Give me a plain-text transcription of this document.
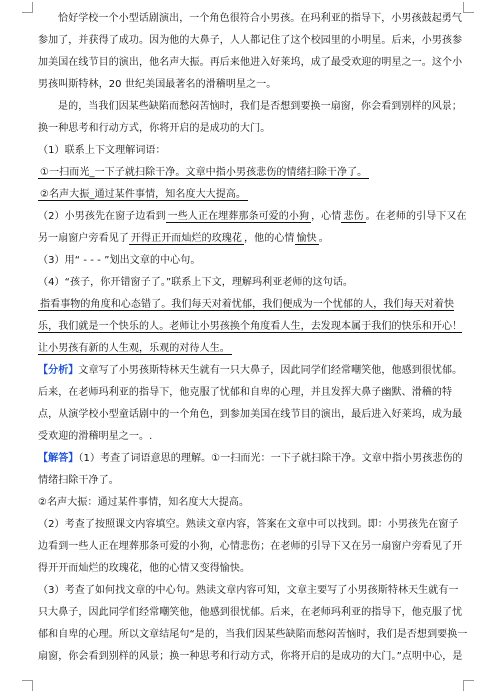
恰好学校一个小型话剧演出，一个角色很符合小男孩。在玛利亚的指导下，小男孩鼓起勇气参加了，并获得了成功。因为他的大鼻子，人人都记住了这个校园里的小明星。后来，小男孩参加美国在线节目的演出，他名声大振。再后来他进入好莱坞，成了最受欢迎的明星之一。这个小男孩叫斯特林，20 世纪美国最著名的滑稽明星之一。

是的，当我们因某些缺陷而愁闷苦恼时，我们是否想到要换一扇窗，你会看到别样的风景；换一种思考和行动方式，你将开启的是成功的大门。

（1）联系上下文理解词语：

①一扫而光_一下子就扫除干净。文章中指小男孩悲伤的情绪扫除干净了。

②名声大振_通过某件事情，知名度大大提高。

（2）小男孩先在窗子边看到 一些人正在埋葬那条可爱的小狗 ，心情 悲伤 。在老师的引导下又在另一扇窗户旁看见了 开得正开而灿烂的玫瑰花 ，他的心情 愉快 。

（3）用“ - - - ”划出文章的中心句。

（4）“孩子，你开错窗子了。”联系上下文，理解玛利亚老师的这句话。

指看事物的角度和心态错了。我们每天对着忧郁，我们便成为一个忧郁的人，我们每天对着快乐，我们就是一个快乐的人。老师让小男孩换个角度看人生，去发现本属于我们的快乐和开心！让小男孩有新的人生观，乐观的对待人生。

【分析】文章写了小男孩斯特林天生就有一只大鼻子，因此同学们经常嘲笑他，他感到很忧郁。后来，在老师玛利亚的指导下，他克服了忧郁和自卑的心理，并且发挥大鼻子幽默、滑稽的特点，从演学校小型童话剧中的一个角色，到参加美国在线节目的演出，最后进入好莱坞，成为最受欢迎的滑稽明星之一。.

【解答】（1）考查了词语意思的理解。①一扫而光：一下子就扫除干净。文章中指小男孩悲伤的情绪扫除干净了。

②名声大振：通过某件事情，知名度大大提高。

（2）考查了按照课文内容填空。熟读文章内容，答案在文章中可以找到。即：小男孩先在窗子边看到一些人正在埋葬那条可爱的小狗，心情悲伤；在老师的引导下又在另一扇窗户旁看见了开得开开而灿烂的玫瑰花，他的心情又变得愉快。

（3）考查了如何找文章的中心句。熟读文章内容可知，文章主要写了小男孩斯特林天生就有一只大鼻子，因此同学们经常嘲笑他，他感到很忧郁。后来，在老师玛利亚的指导下，他克服了忧郁和自卑的心理。所以文章结尾句“是的，当我们因某些缺陷而愁闷苦恼时，我们是否想到要换一扇窗，你会看到别样的风景；换一种思考和行动方式，你将开启的是成功的大门。”点明中心，是
